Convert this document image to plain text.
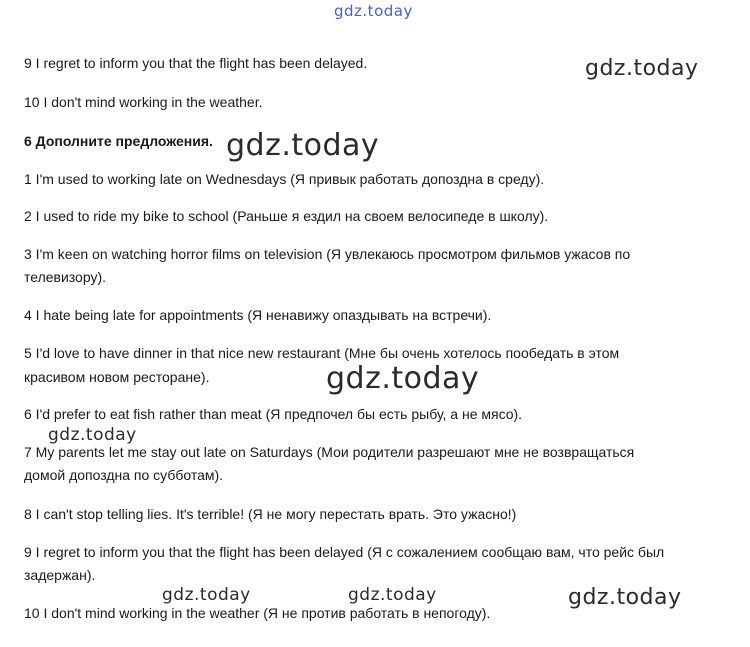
gdz.today
9 I regret to inform you that the flight has been delayed.	gdz.today
10 I don't mind working in the weather.
6 Дополните предложения. gdz.today
1 I'm used to working late on Wednesdays (Я привык работать допоздна в среду).
2 I used to ride my bike to school (Раньше я ездил на своем велосипеде в школу).
3 I'm keen on watching horror films on television (Я увлекаюсь просмотром фильмов ужасов по
телевизору).
4 I hate being late for appointments (Я ненавижу опаздывать на встречи).
5 I'd love to have dinner in that nice new restaurant (Мне бы очень хотелось пообедать в этом
красивом новом ресторане).	gdz.today
6 I'd prefer to eat fish rather than meat (Я предпочел бы есть рыбу, а не мясо).
gdz.today
7 My parents let me stay out late on Saturdays (Мои родители разрешают мне не возвращаться
домой допоздна по субботам).
8 I can't stop telling lies. It's terrible! (Я не могу перестать врать. Это ужасно!)
9 I regret to inform you that the flight has been delayed (Я с сожалением сообщаю вам, что рейс был
задержан).
gdz.today	gdz.today	gdz.today
10 I don't mind working in the weather (Я не против работать в непогоду).
